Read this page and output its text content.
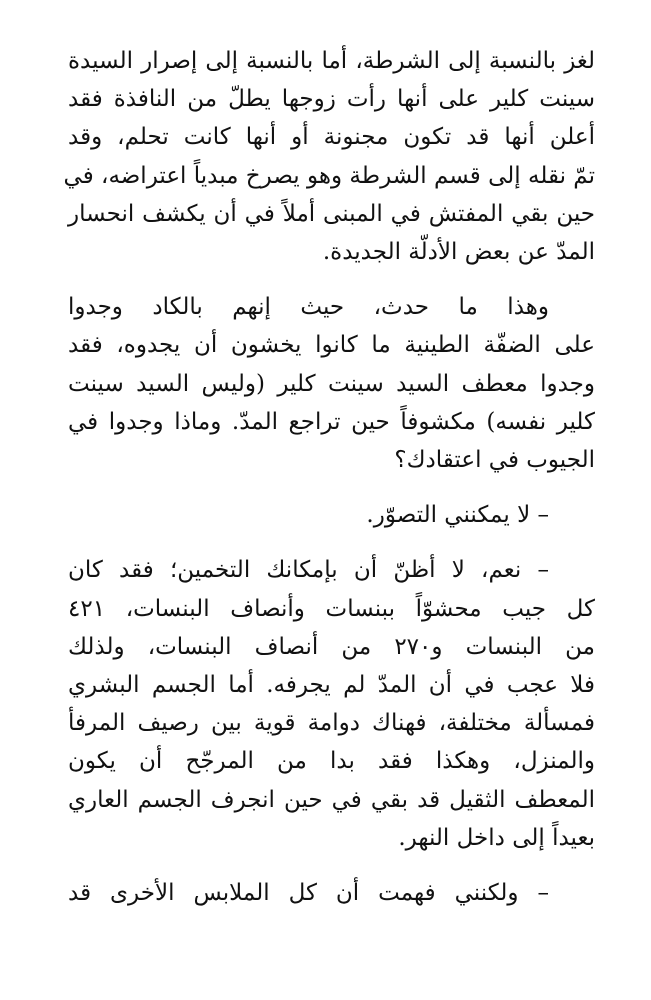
لغز بالنسبة إلى الشرطة، أما بالنسبة إلى إصرار السيدة
سينت كلير على أنها رأت زوجها يطلّ من النافذة فقد
أعلن أنها قد تكون مجنونة أو أنها كانت تحلم، وقد
تمّ نقله إلى قسم الشرطة وهو يصرخ مبدياً اعتراضه، في
حين بقي المفتش في المبنى أملاً في أن يكشف انحسار
المدّ عن بعض الأدلّة الجديدة.

وهذا ما حدث، حيث إنهم بالكاد وجدوا
على الضفّة الطينية ما كانوا يخشون أن يجدوه، فقد
وجدوا معطف السيد سينت كلير (وليس السيد سينت
كلير نفسه) مكشوفاً حين تراجع المدّ. وماذا وجدوا في
الجيوب في اعتقادك؟

– لا يمكنني التصوّر.

– نعم، لا أظنّ أن بإمكانك التخمين؛ فقد كان
كل جيب محشوّاً ببنسات وأنصاف البنسات، ٤٢١
من البنسات و٢٧٠ من أنصاف البنسات، ولذلك
فلا عجب في أن المدّ لم يجرفه. أما الجسم البشري
فمسألة مختلفة، فهناك دوامة قوية بين رصيف المرفأ
والمنزل، وهكذا فقد بدا من المرجّح أن يكون
المعطف الثقيل قد بقي في حين انجرف الجسم العاري
بعيداً إلى داخل النهر.

– ولكنني فهمت أن كل الملابس الأخرى قد
